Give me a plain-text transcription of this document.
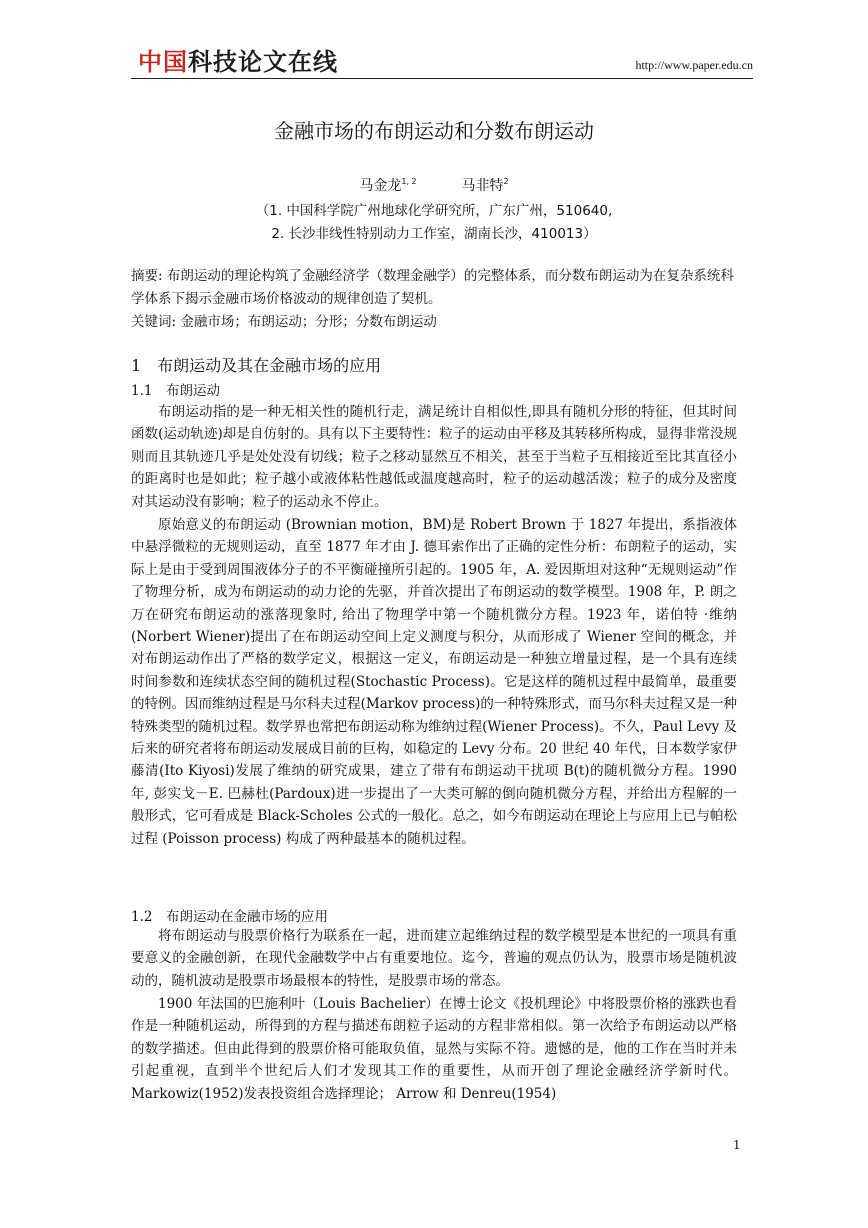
中国科技论文在线	http://www.paper.edu.cn
金融市场的布朗运动和分数布朗运动
马金龙$^{1, 2}$	马非特$^2$
（1. 中国科学院广州地球化学研究所，广东广州，510640,
2. 长沙非线性特别动力工作室，湖南长沙，410013）
摘要: 布朗运动的理论构筑了金融经济学（数理金融学）的完整体系，而分数布朗运动为在复杂系统科学体系下揭示金融市场价格波动的规律创造了契机。
关键词: 金融市场；布朗运动；分形；分数布朗运动
1　布朗运动及其在金融市场的应用
1.1　布朗运动

布朗运动指的是一种无相关性的随机行走，满足统计自相似性,即具有随机分形的特征，但其时间函数(运动轨迹)却是自仿射的。具有以下主要特性：粒子的运动由平移及其转移所构成，显得非常没规则而且其轨迹几乎是处处没有切线；粒子之移动显然互不相关，甚至于当粒子互相接近至比其直径小的距离时也是如此；粒子越小或液体粘性越低或温度越高时，粒子的运动越活泼；粒子的成分及密度对其运动没有影响；粒子的运动永不停止。

原始意义的布朗运动 (Brownian motion，BM)是 Robert Brown 于 1827 年提出，系指液体中悬浮微粒的无规则运动，直至 1877 年才由 J. 德耳索作出了正确的定性分析：布朗粒子的运动，实际上是由于受到周围液体分子的不平衡碰撞所引起的。1905 年，A. 爱因斯坦对这种“无规则运动”作了物理分析，成为布朗运动的动力论的先驱，并首次提出了布朗运动的数学模型。1908 年，P. 朗之万在研究布朗运动的涨落现象时, 给出了物理学中第一个随机微分方程。1923 年，诺伯特 ·维纳 (Norbert Wiener)提出了在布朗运动空间上定义测度与积分，从而形成了 Wiener 空间的概念，并对布朗运动作出了严格的数学定义，根据这一定义，布朗运动是一种独立增量过程，是一个具有连续时间参数和连续状态空间的随机过程(Stochastic Process)。它是这样的随机过程中最简单，最重要的特例。因而维纳过程是马尔科夫过程(Markov process)的一种特殊形式，而马尔科夫过程又是一种特殊类型的随机过程。数学界也常把布朗运动称为维纳过程(Wiener Process)。不久，Paul Levy 及后来的研究者将布朗运动发展成目前的巨构，如稳定的 Levy 分布。20 世纪 40 年代，日本数学家伊藤清(Ito Kiyosi)发展了维纳的研究成果，建立了带有布朗运动干扰项 B(t)的随机微分方程。1990 年, 彭实戈－E. 巴赫杜(Pardoux)进一步提出了一大类可解的倒向随机微分方程，并给出方程解的一般形式，它可看成是 Black-Scholes 公式的一般化。总之，如今布朗运动在理论上与应用上已与帕松过程 (Poisson process) 构成了两种最基本的随机过程。

1.2　布朗运动在金融市场的应用

将布朗运动与股票价格行为联系在一起，进而建立起维纳过程的数学模型是本世纪的一项具有重要意义的金融创新，在现代金融数学中占有重要地位。迄今，普遍的观点仍认为，股票市场是随机波动的，随机波动是股票市场最根本的特性，是股票市场的常态。

1900 年法国的巴施利叶（Louis Bachelier）在博士论文《投机理论》中将股票价格的涨跌也看作是一种随机运动，所得到的方程与描述布朗粒子运动的方程非常相似。第一次给予布朗运动以严格的数学描述。但由此得到的股票价格可能取负值，显然与实际不符。遗憾的是，他的工作在当时并未引起重视，直到半个世纪后人们才发现其工作的重要性，从而开创了理论金融经济学新时代。Markowiz(1952)发表投资组合选择理论； Arrow 和 Denreu(1954)

1
